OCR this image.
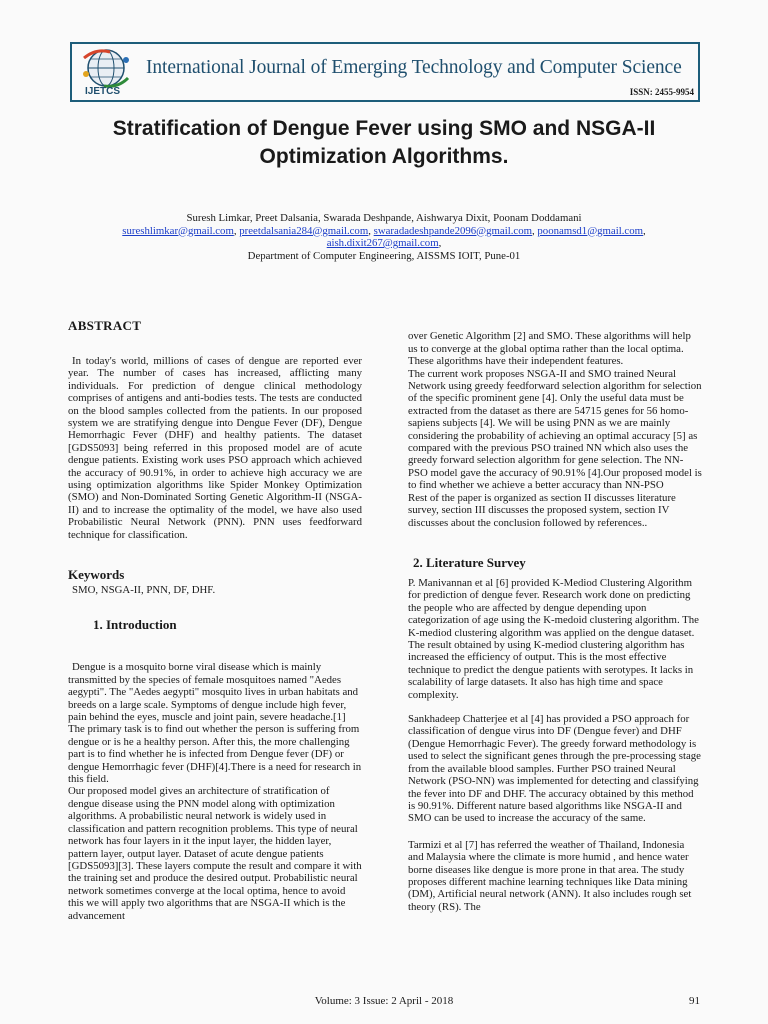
IJETCS
International Journal of Emerging Technology and Computer Science
ISSN: 2455-9954
Stratification of Dengue Fever using SMO and NSGA-II
Optimization Algorithms.
Suresh Limkar, Preet Dalsania, Swarada Deshpande, Aishwarya Dixit, Poonam Doddamani
sureshlimkar@gmail.com, preetdalsania284@gmail.com, swaradadeshpande2096@gmail.com, poonamsd1@gmail.com,
aish.dixit267@gmail.com,
Department of Computer Engineering, AISSMS IOIT, Pune-01
ABSTRACT

In today's world, millions of cases of dengue are reported ever year. The number of cases has increased, afflicting many individuals. For prediction of dengue clinical methodology comprises of antigens and anti-bodies tests. The tests are conducted on the blood samples collected from the patients. In our proposed system we are stratifying dengue into Dengue Fever (DF), Dengue Hemorrhagic Fever (DHF) and healthy patients. The dataset [GDS5093] being referred in this proposed model are of acute dengue patients. Existing work uses PSO approach which achieved the accuracy of 90.91%, in order to achieve high accuracy we are using optimization algorithms like Spider Monkey Optimization (SMO) and Non-Dominated Sorting Genetic Algorithm-II (NSGA-II) and to increase the optimality of the model, we have also used Probabilistic Neural Network (PNN). PNN uses feedforward technique for classification.

Keywords
SMO, NSGA-II, PNN, DF, DHF.
1. Introduction

Dengue is a mosquito borne viral disease which is mainly transmitted by the species of female mosquitoes named "Aedes aegypti". The "Aedes aegypti" mosquito lives in urban habitats and breeds on a large scale. Symptoms of dengue include high fever, pain behind the eyes, muscle and joint pain, severe headache.[1]
The primary task is to find out whether the person is suffering from dengue or is he a healthy person. After this, the more challenging part is to find whether he is infected from Dengue fever (DF) or dengue Hemorrhagic fever (DHF)[4].There is a need for research in this field.
Our proposed model gives an architecture of stratification of dengue disease using the PNN model along with optimization algorithms. A probabilistic neural network is widely used in classification and pattern recognition problems. This type of neural network has four layers in it the input layer, the hidden layer, pattern layer, output layer. Dataset of acute dengue patients [GDS5093][3]. These layers compute the result and compare it with the training set and produce the desired output. Probabilistic neural network sometimes converge at the local optima, hence to avoid this we will apply two algorithms that are NSGA-II which is the advancement

over Genetic Algorithm [2] and SMO. These algorithms will help us to converge at the global optima rather than the local optima. These algorithms have their independent features.
The current work proposes NSGA-II and SMO trained Neural Network using greedy feedforward selection algorithm for selection of the specific prominent gene [4]. Only the useful data must be extracted from the dataset as there are 54715 genes for 56 homo-sapiens subjects [4]. We will be using PNN as we are mainly considering the probability of achieving an optimal accuracy [5] as compared with the previous PSO trained NN which also uses the greedy forward selection algorithm for gene selection. The NN-PSO model gave the accuracy of 90.91% [4].Our proposed model is to find whether we achieve a better accuracy than NN-PSO
Rest of the paper is organized as section II discusses literature survey, section III discusses the proposed system, section IV discusses about the conclusion followed by references..

2. Literature Survey

P. Manivannan et al [6] provided K-Mediod Clustering Algorithm for prediction of dengue fever. Research work done on predicting the people who are affected by dengue depending upon categorization of age using the K-medoid clustering algorithm. The K-mediod clustering algorithm was applied on the dengue dataset. The result obtained by using K-mediod clustering algorithm has increased the efficiency of output. This is the most effective technique to predict the dengue patients with serotypes. It lacks in scalability of large datasets. It also has high time and space complexity.

Sankhadeep Chatterjee et al [4] has provided a PSO approach for classification of dengue virus into DF (Dengue fever) and DHF (Dengue Hemorrhagic Fever). The greedy forward methodology is used to select the significant genes through the pre-processing stage from the available blood samples. Further PSO trained Neural Network (PSO-NN) was implemented for detecting and classifying the fever into DF and DHF. The accuracy obtained by this method is 90.91%. Different nature based algorithms like NSGA-II and SMO can be used to increase the accuracy of the same.

Tarmizi et al [7] has referred the weather of Thailand, Indonesia and Malaysia where the climate is more humid , and hence water borne diseases like dengue is more prone in that area. The study proposes different machine learning techniques like Data mining (DM), Artificial neural network (ANN). It also includes rough set theory (RS). The

Volume: 3 Issue: 2 April - 2018	91
